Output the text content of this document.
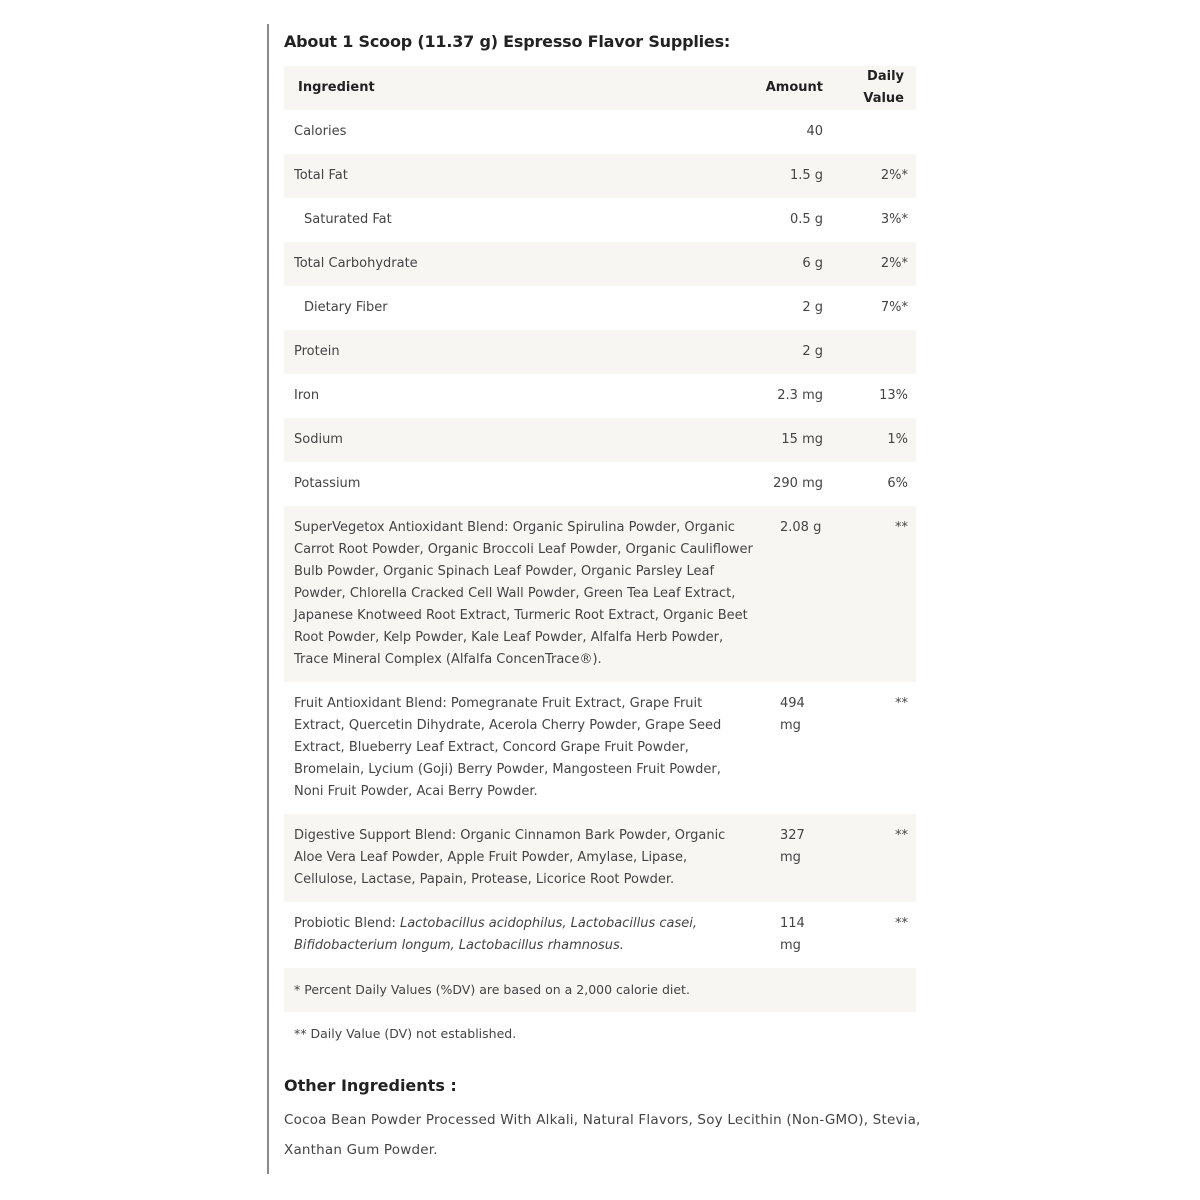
About 1 Scoop (11.37 g) Espresso Flavor Supplies:
Ingredient	Amount	Daily Value
Calories	40	
Total Fat	1.5 g	2%*
Saturated Fat	0.5 g	3%*
Total Carbohydrate	6 g	2%*
Dietary Fiber	2 g	7%*
Protein	2 g	
Iron	2.3 mg	13%
Sodium	15 mg	1%
Potassium	290 mg	6%
SuperVegetox Antioxidant Blend: Organic Spirulina Powder, Organic Carrot Root Powder, Organic Broccoli Leaf Powder, Organic Cauliflower Bulb Powder, Organic Spinach Leaf Powder, Organic Parsley Leaf Powder, Chlorella Cracked Cell Wall Powder, Green Tea Leaf Extract, Japanese Knotweed Root Extract, Turmeric Root Extract, Organic Beet Root Powder, Kelp Powder, Kale Leaf Powder, Alfalfa Herb Powder, Trace Mineral Complex (Alfalfa ConcenTrace®).	2.08 g	**
Fruit Antioxidant Blend: Pomegranate Fruit Extract, Grape Fruit Extract, Quercetin Dihydrate, Acerola Cherry Powder, Grape Seed Extract, Blueberry Leaf Extract, Concord Grape Fruit Powder, Bromelain, Lycium (Goji) Berry Powder, Mangosteen Fruit Powder, Noni Fruit Powder, Acai Berry Powder.	494 mg	**
Digestive Support Blend: Organic Cinnamon Bark Powder, Organic Aloe Vera Leaf Powder, Apple Fruit Powder, Amylase, Lipase, Cellulose, Lactase, Papain, Protease, Licorice Root Powder.	327 mg	**
Probiotic Blend: Lactobacillus acidophilus, Lactobacillus casei, Bifidobacterium longum, Lactobacillus rhamnosus.	114 mg	**
* Percent Daily Values (%DV) are based on a 2,000 calorie diet.		
** Daily Value (DV) not established.		
Other Ingredients :
Cocoa Bean Powder Processed With Alkali, Natural Flavors, Soy Lecithin (Non-GMO), Stevia, Xanthan Gum Powder.
